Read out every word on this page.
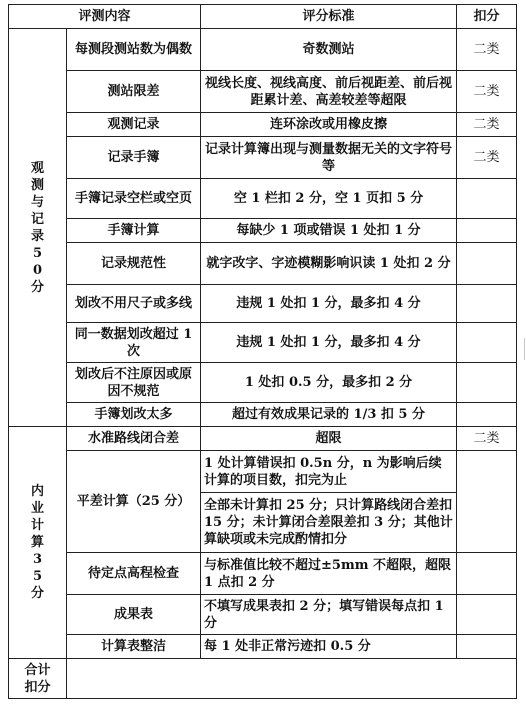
评测内容		评分标准	扣分

观测与记录50分	每测段测站数为偶数	奇数测站	二类
	测站限差	视线长度、视线高度、前后视距差、前后视距累计差、高差较差等超限	二类
	观测记录	连环涂改或用橡皮擦	二类
	记录手簿	记录计算簿出现与测量数据无关的文字符号等	二类
	手簿记录空栏或空页	空 1 栏扣 2 分，空 1 页扣 5 分	
	手簿计算	每缺少 1 项或错误 1 处扣 1 分	
	记录规范性	就字改字、字迹模糊影响识读 1 处扣 2 分	
	划改不用尺子或多线	违规 1 处扣 1 分，最多扣 4 分	
	同一数据划改超过 1 次	违规 1 处扣 1 分，最多扣 4 分	
	划改后不注原因或原因不规范	1 处扣 0.5 分，最多扣 2 分	
	手簿划改太多	超过有效成果记录的 1/3 扣 5 分	

内业计算35分	水准路线闭合差	超限	二类
	平差计算（25 分）	1 处计算错误扣 0.5n 分，n 为影响后续计算的项目数，扣完为止	
		全部未计算扣 25 分；只计算路线闭合差扣 15 分；未计算闭合差限差扣 3 分；其他计算缺项或未完成酌情扣分	
	待定点高程检查	与标准值比较不超过±5mm 不超限，超限 1 点扣 2 分	
	成果表	不填写成果表扣 2 分；填写错误每点扣 1 分	
	计算表整洁	每 1 处非正常污迹扣 0.5 分	

合计扣分			
